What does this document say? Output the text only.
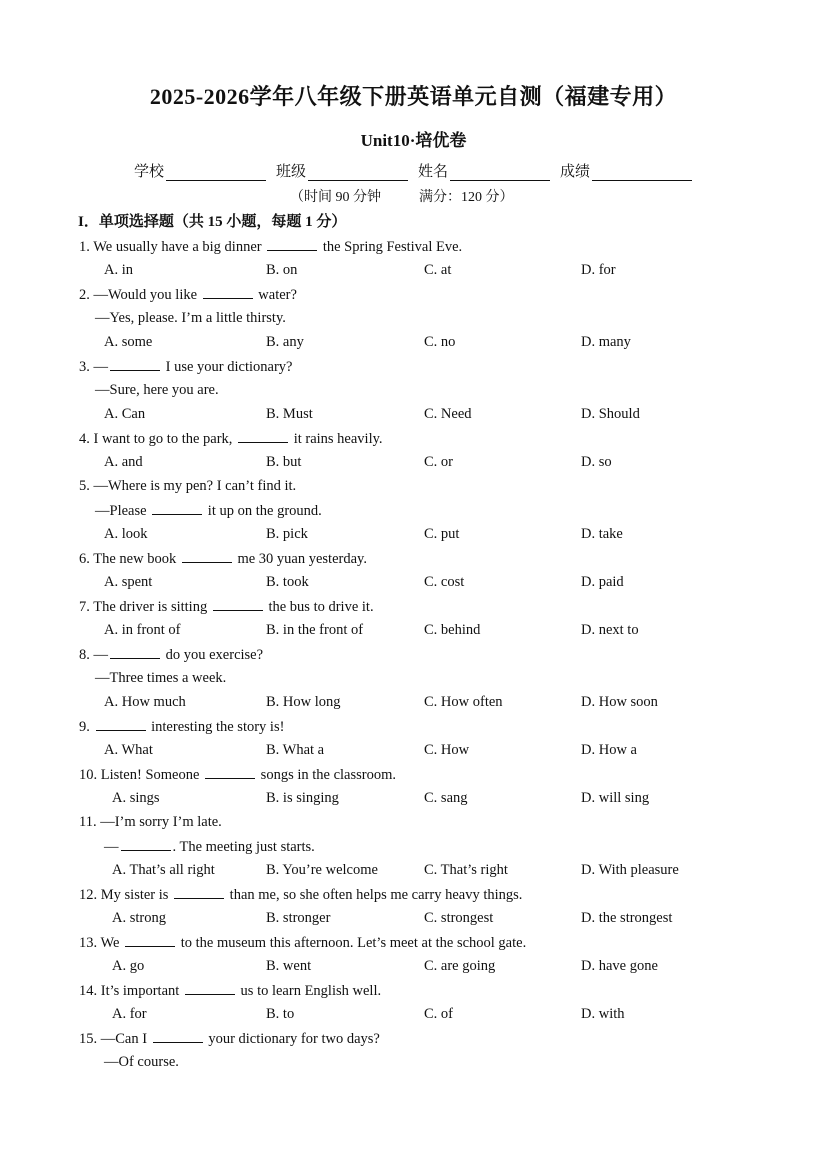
2025-2026学年八年级下册英语单元自测（福建专用）
Unit10·培优卷
学校	班级	姓名	成绩
（时间 90 分钟	满分：120 分）
I．单项选择题（共 15 小题，每题 1 分）
1. We usually have a big dinner	the Spring Festival Eve.
A. in	B. on	C. at	D. for
2. —Would you like	water?
—Yes, please. I’m a little thirsty.
A. some	B. any	C. no	D. many
3. —	I use your dictionary?
—Sure, here you are.
A. Can	B. Must	C. Need	D. Should
4. I want to go to the park,	it rains heavily.
A. and	B. but	C. or	D. so
5. —Where is my pen? I can’t find it.
—Please	it up on the ground.
A. look	B. pick	C. put	D. take
6. The new book	me 30 yuan yesterday.
A. spent	B. took	C. cost	D. paid
7. The driver is sitting	the bus to drive it.
A. in front of	B. in the front of	C. behind	D. next to
8. —	do you exercise?
—Three times a week.
A. How much	B. How long	C. How often	D. How soon
9.	interesting the story is!
A. What	B. What a	C. How	D. How a
10. Listen! Someone	songs in the classroom.
A. sings	B. is singing	C. sang	D. will sing
11. —I’m sorry I’m late.
—	. The meeting just starts.
A. That’s all right	B. You’re welcome	C. That’s right	D. With pleasure
12. My sister is	than me, so she often helps me carry heavy things.
A. strong	B. stronger	C. strongest	D. the strongest
13. We	to the museum this afternoon. Let’s meet at the school gate.
A. go	B. went	C. are going	D. have gone
14. It’s important	us to learn English well.
A. for	B. to	C. of	D. with
15. —Can I	your dictionary for two days?
—Of course.
